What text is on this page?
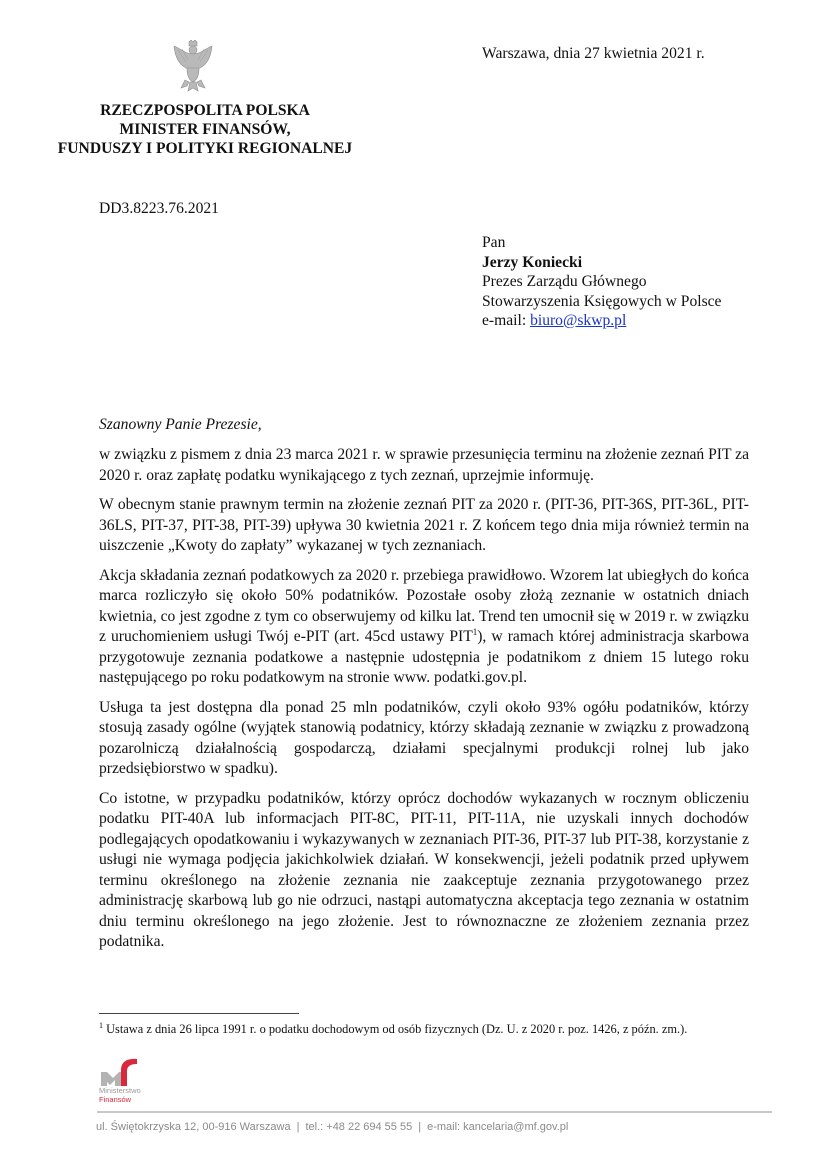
RZECZPOSPOLITA POLSKA
MINISTER FINANSÓW,
FUNDUSZY I POLITYKI REGIONALNEJ
Warszawa, dnia 27 kwietnia 2021 r.
DD3.8223.76.2021
Pan
Jerzy Koniecki
Prezes Zarządu Głównego
Stowarzyszenia Księgowych w Polsce
e-mail: biuro@skwp.pl
Szanowny Panie Prezesie,

w związku z pismem z dnia 23 marca 2021 r. w sprawie przesunięcia terminu na złożenie zeznań PIT za 2020 r. oraz zapłatę podatku wynikającego z tych zeznań, uprzejmie informuję.

W obecnym stanie prawnym termin na złożenie zeznań PIT za 2020 r. (PIT-36, PIT-36S, PIT-36L, PIT-36LS, PIT-37, PIT-38, PIT-39) upływa 30 kwietnia 2021 r. Z końcem tego dnia mija również termin na uiszczenie „Kwoty do zapłaty” wykazanej w tych zeznaniach.

Akcja składania zeznań podatkowych za 2020 r. przebiega prawidłowo. Wzorem lat ubiegłych do końca marca rozliczyło się około 50% podatników. Pozostałe osoby złożą zeznanie w ostatnich dniach kwietnia, co jest zgodne z tym co obserwujemy od kilku lat. Trend ten umocnił się w 2019 r. w związku z uruchomieniem usługi Twój e-PIT (art. 45cd ustawy PIT$^1$), w ramach której administracja skarbowa przygotowuje zeznania podatkowe a następnie udostępnia je podatnikom z dniem 15 lutego roku następującego po roku podatkowym na stronie www. podatki.gov.pl.

Usługa ta jest dostępna dla ponad 25 mln podatników, czyli około 93% ogółu podatników, którzy stosują zasady ogólne (wyjątek stanowią podatnicy, którzy składają zeznanie w związku z prowadzoną pozarolniczą działalnością gospodarczą, działami specjalnymi produkcji rolnej lub jako przedsiębiorstwo w spadku).

Co istotne, w przypadku podatników, którzy oprócz dochodów wykazanych w rocznym obliczeniu podatku PIT-40A lub informacjach PIT-8C, PIT-11, PIT-11A, nie uzyskali innych dochodów podlegających opodatkowaniu i wykazywanych w zeznaniach PIT-36, PIT-37 lub PIT-38, korzystanie z usługi nie wymaga podjęcia jakichkolwiek działań. W konsekwencji, jeżeli podatnik przed upływem terminu określonego na złożenie zeznania nie zaakceptuje zeznania przygotowanego przez administrację skarbową lub go nie odrzuci, nastąpi automatyczna akceptacja tego zeznania w ostatnim dniu terminu określonego na jego złożenie. Jest to równoznaczne ze złożeniem zeznania przez podatnika.

$^1$ Ustawa z dnia 26 lipca 1991 r. o podatku dochodowym od osób fizycznych (Dz. U. z 2020 r. poz. 1426, z późn. zm.).
Ministerstwo
Finansów
ul. Świętokrzyska 12, 00-916 Warszawa | tel.: +48 22 694 55 55 | e-mail: kancelaria@mf.gov.pl
